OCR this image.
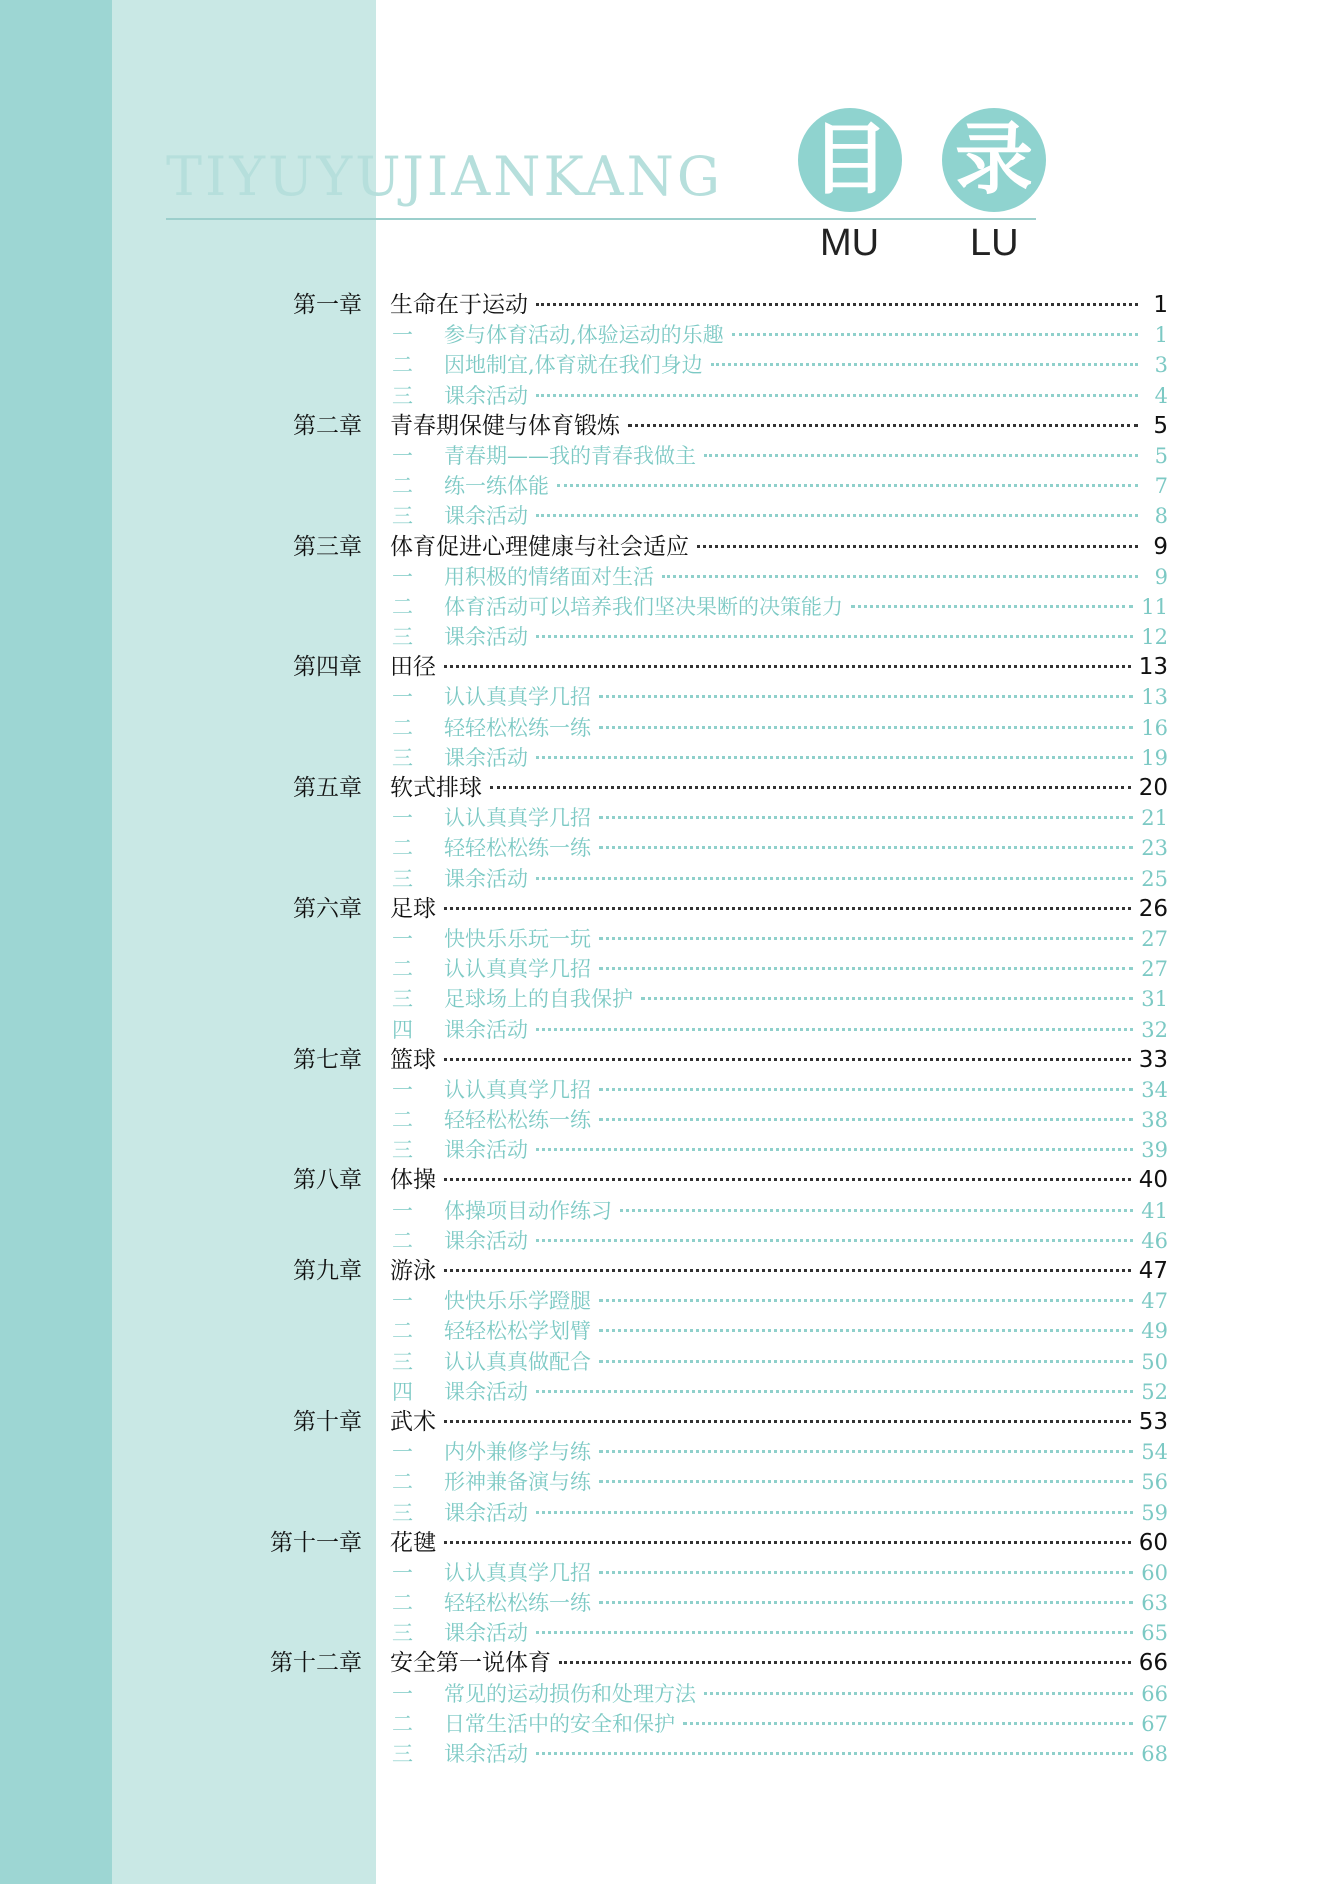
TIYUYUJIANKANG 目 录
MU LU
第一章 生命在于运动	1
一	参与体育活动,体验运动的乐趣	1
二	因地制宜,体育就在我们身边	3
三	课余活动	4
第二章 青春期保健与体育锻炼	5
一	青春期——我的青春我做主	5
二	练一练体能	7
三	课余活动	8
第三章 体育促进心理健康与社会适应	9
一	用积极的情绪面对生活	9
二	体育活动可以培养我们坚决果断的决策能力	11
三	课余活动	12
第四章 田径	13
一	认认真真学几招	13
二	轻轻松松练一练	16
三	课余活动	19
第五章 软式排球	20
一	认认真真学几招	21
二	轻轻松松练一练	23
三	课余活动	25
第六章 足球	26
一	快快乐乐玩一玩	27
二	认认真真学几招	27
三	足球场上的自我保护	31
四	课余活动	32
第七章 篮球	33
一	认认真真学几招	34
二	轻轻松松练一练	38
三	课余活动	39
第八章 体操	40
一	体操项目动作练习	41
二	课余活动	46
第九章 游泳	47
一	快快乐乐学蹬腿	47
二	轻轻松松学划臂	49
三	认认真真做配合	50
四	课余活动	52
第十章 武术	53
一	内外兼修学与练	54
二	形神兼备演与练	56
三	课余活动	59
第十一章 花毽	60
一	认认真真学几招	60
二	轻轻松松练一练	63
三	课余活动	65
第十二章 安全第一说体育	66
一	常见的运动损伤和处理方法	66
二	日常生活中的安全和保护	67
三	课余活动	68
